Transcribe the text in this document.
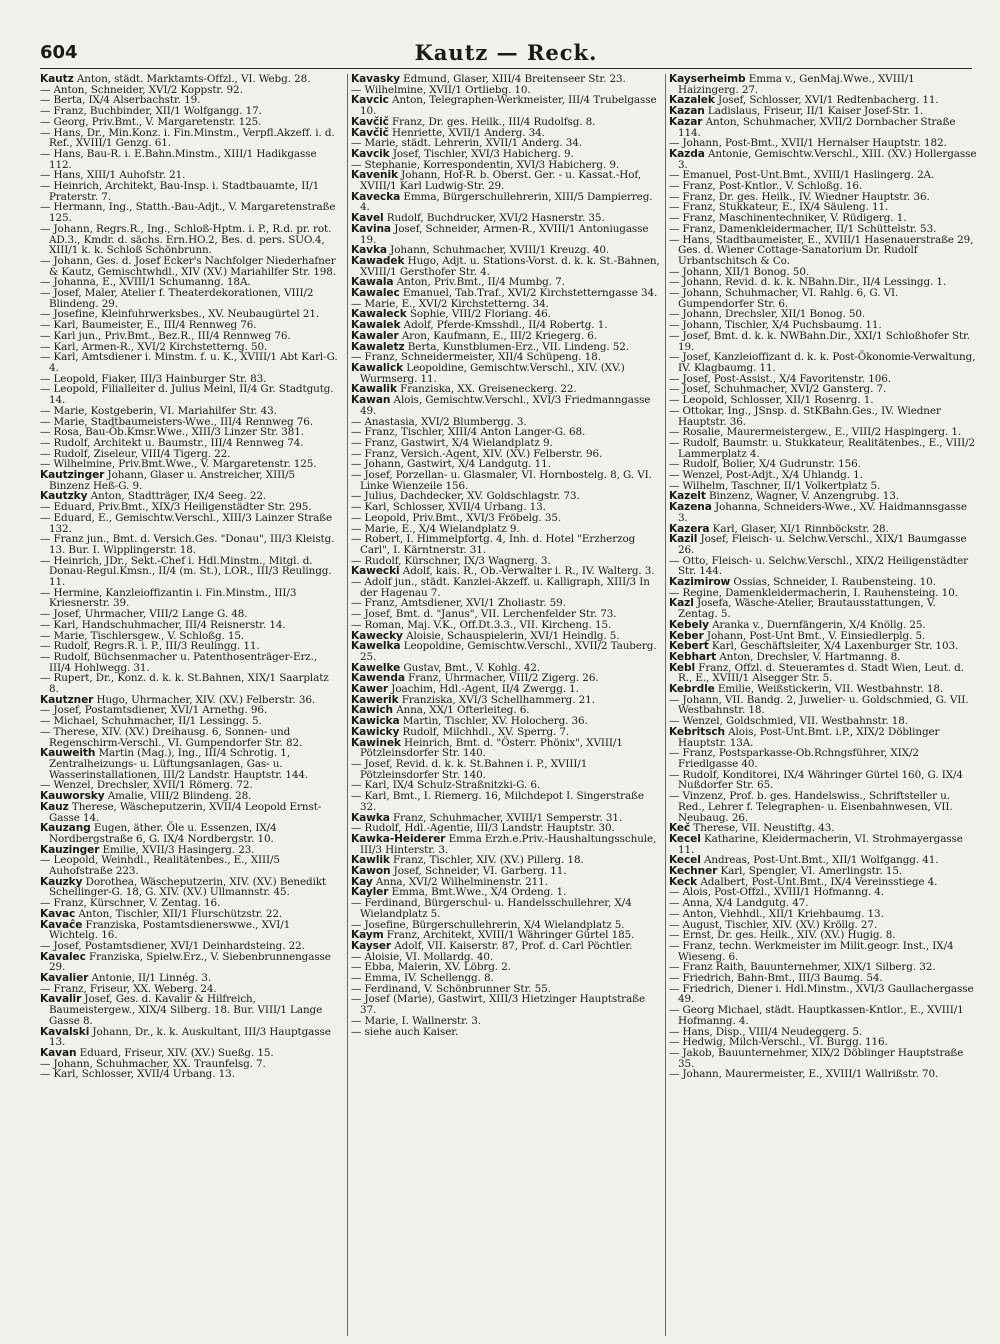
604	Kautz — Reck.

Kautz Anton, städt. Marktamts-Offzl., VI. Webg. 28.

— Anton, Schneider, XVI/2 Koppstr. 92.

— Berta, IX/4 Alserbachstr. 19.

— Franz, Buchbinder, XII/1 Wolfgangg. 17.

— Georg, Priv.Bmt., V. Margaretenstr. 125.

— Hans, Dr., Min.Konz. i. Fin.Minstm., Verpfl.Akzeff. i. d. Ref., XVIII/1 Genzg. 61.

— Hans, Bau-R. i. E.Bahn.Minstm., XIII/1 Hadikgasse 112.

— Hans, XIII/1 Auhofstr. 21.

— Heinrich, Architekt, Bau-Insp. i. Stadtbauamte, II/1 Praterstr. 7.

— Hermann, Ing., Statth.-Bau-Adjt., V. Margaretenstraße 125.

— Johann, Regrs.R., Ing., Schloß-Hptm. i. P., R.d. pr. rot. AD.3., Kmdr. d. sächs. Ern.HO.2, Bes. d. pers. SUO.4, XIII/1 k. k. Schloß Schönbrunn.

— Johann, Ges. d. Josef Ecker's Nachfolger Niederhafner & Kautz, Gemischtwhdl., XIV (XV.) Mariahilfer Str. 198.

— Johanna, E., XVIII/1 Schumanng. 18A.

— Josef, Maler, Atelier f. Theaterdekorationen, VIII/2 Blindeng. 29.

— Josefine, Kleinfuhrwerksbes., XV. Neubaugürtel 21.

— Karl, Baumeister, E., III/4 Rennweg 76.

— Karl jun., Priv.Bmt., Bez.R., III/4 Rennweg 76.

— Karl, Armen-R., XVI/2 Kirchstetterng. 50.

— Karl, Amtsdiener i. Minstm. f. u. K., XVIII/1 Abt Karl-G. 4.

— Leopold, Fiaker, III/3 Hainburger Str. 83.

— Leopold, Filialleiter d. Julius Meinl, II/4 Gr. Stadtgutg. 14.

— Marie, Kostgeberin, VI. Mariahilfer Str. 43.

— Marie, Stadtbaumeisters-Wwe., III/4 Rennweg 76.

— Rosa, Bau-Öb.Kmsr.Wwe., XIII/3 Linzer Str. 381.

— Rudolf, Architekt u. Baumstr., III/4 Rennweg 74.

— Rudolf, Ziseleur, VIII/4 Tigerg. 22.

— Wilhelmine, Priv.Bmt.Wwe., V. Margaretenstr. 125.

Kautzinger Johann, Glaser u. Anstreicher, XIII/5 Binzenz Heß-G. 9.

Kautzky Anton, Stadtträger, IX/4 Seeg. 22.

— Eduard, Priv.Bmt., XIX/3 Heiligenstädter Str. 295.

— Eduard, E., Gemischtw.Verschl., XIII/3 Lainzer Straße 132.

— Franz jun., Bmt. d. Versich.Ges. "Donau", III/3 Kleistg. 13. Bur. I. Wipplingerstr. 18.

— Heinrich, JDr., Sekt.-Chef i. Hdl.Minstm., Mitgl. d. Donau-Regul.Kmsn., II/4 (m. St.), LOR., III/3 Reulingg. 11.

— Hermine, Kanzleioffizantin i. Fin.Minstm., III/3 Kriesnerstr. 39.

— Josef, Uhrmacher, VIII/2 Lange G. 48.

— Karl, Handschuhmacher, III/4 Reisnerstr. 14.

— Marie, Tischlersgew., V. Schloßg. 15.

— Rudolf, Regrs.R. i. P., III/3 Reulingg. 11.

— Rudolf, Büchsenmacher u. Patenthosenträger-Erz., III/4 Hohlwegg. 31.

— Rupert, Dr., Konz. d. k. k. St.Bahnen, XIX/1 Saarplatz 8.

Kautzner Hugo, Uhrmacher, XIV. (XV.) Felberstr. 36.

— Josef, Postamtsdiener, XVI/1 Arnethg. 96.

— Michael, Schuhmacher, II/1 Lessingg. 5.

— Therese, XIV. (XV.) Dreihausg. 6, Sonnen- und Regenschirm-Verschl., VI. Gumpendorfer Str. 82.

Kauweith Martin (Mag.), Ing., III/4 Schrotig. 1, Zentralheizungs- u. Lüftungsanlagen, Gas- u. Wasserinstallationen, III/2 Landstr. Hauptstr. 144.

— Wenzel, Drechsler, XVII/1 Römerg. 72.

Kauworsky Amalie, VIII/2 Blindeng. 28.

Kauz Therese, Wäscheputzerin, XVII/4 Leopold Ernst-Gasse 14.

Kauzang Eugen, äther. Öle u. Essenzen, IX/4 Nordbergstraße 6, G. IX/4 Nordbergstr. 10.

Kauzinger Emilie, XVII/3 Hasingerg. 23.

— Leopold, Weinhdl., Realitätenbes., E., XIII/5 Auhofstraße 223.

Kauzky Dorothea, Wäscheputzerin, XIV. (XV.) Benedikt Schellinger-G. 18, G. XIV. (XV.) Ullmannstr. 45.

— Franz, Kürschner, V. Zentag. 16.

Kavac Anton, Tischler, XII/1 Flurschützstr. 22.

Kavaĉe Franziska, Postamtsdienerswwe., XVI/1 Wichtelg. 16.

— Josef, Postamtsdiener, XVI/1 Deinhardsteing. 22.

Kavalec Franziska, Spielw.Erz., V. Siebenbrunnengasse 29.

Kavalier Antonie, II/1 Linnég. 3.

— Franz, Friseur, XX. Weberg. 24.

Kavalir Josef, Ges. d. Kavalir & Hilfreich, Baumeistergew., XIX/4 Silberg. 18. Bur. VIII/1 Lange Gasse 8.

Kavalski Johann, Dr., k. k. Auskultant, III/3 Hauptgasse 13.

Kavan Eduard, Friseur, XIV. (XV.) Sueßg. 15.

— Johann, Schuhmacher, XX. Traunfelsg. 7.

— Karl, Schlosser, XVII/4 Urbang. 13.

Kavasky Edmund, Glaser, XIII/4 Breitenseer Str. 23.

— Wilhelmine, XVII/1 Ortliebg. 10.

Kavcic Anton, Telegraphen-Werkmeister, III/4 Trubelgasse 10.

Kavčič Franz, Dr. ges. Heilk., III/4 Rudolfsg. 8.

Kavčič Henriette, XVII/1 Anderg. 34.

— Marie, städt. Lehrerin, XVII/1 Anderg. 34.

Kavcik Josef, Tischler, XVI/3 Habicherg. 9.

— Stephanie, Korrespondentin, XVI/3 Habicherg. 9.

Kavenik Johann, Hof-R. b. Oberst. Ger. - u. Kassat.-Hof, XVIII/1 Karl Ludwig-Str. 29.

Kavecka Emma, Bürgerschullehrerin, XIII/5 Dampierreg. 4.

Kavel Rudolf, Buchdrucker, XVI/2 Hasnerstr. 35.

Kavina Josef, Schneider, Armen-R., XVIII/1 Antoniugasse 19.

Kavka Johann, Schuhmacher, XVIII/1 Kreuzg. 40.

Kawadek Hugo, Adjt. u. Stations-Vorst. d. k. k. St.-Bahnen, XVIII/1 Gersthofer Str. 4.

Kawala Anton, Priv.Bmt., II/4 Mumbg. 7.

Kawalec Emanuel, Tab.Traf., XVI/2 Kirchstetterngasse 34.

— Marie, E., XVI/2 Kirchstetterng. 34.

Kawaleck Sophie, VIII/2 Floriang. 46.

Kawalek Adolf, Pferde-Kmsshdl., II/4 Robertg. 1.

Kawaler Aron, Kaufmann, E., III/2 Kriegerg. 6.

Kawaletz Berta, Kunstblumen-Erz., VII. Lindeng. 52.

— Franz, Schneidermeister, XII/4 Schüpeng. 18.

Kawalick Leopoldine, Gemischtw.Verschl., XIV. (XV.) Wurmserg. 11.

Kawalik Franziska, XX. Greiseneckerg. 22.

Kawan Alois, Gemischtw.Verschl., XVI/3 Friedmanngasse 49.

— Anastasia, XVI/2 Blumbergg. 3.

— Franz, Tischler, XIII/4 Anton Langer-G. 68.

— Franz, Gastwirt, X/4 Wielandplatz 9.

— Franz, Versich.-Agent, XIV. (XV.) Felberstr. 96.

— Johann, Gastwirt, X/4 Landgutg. 11.

— Josef, Porzellan- u. Glasmaler, VI. Hornbostelg. 8, G. VI. Linke Wienzeile 156.

— Julius, Dachdecker, XV. Goldschlagstr. 73.

— Karl, Schlosser, XVII/4 Urbang. 13.

— Leopold, Priv.Bmt., XVI/3 Fröbelg. 35.

— Marie, E., X/4 Wielandplatz 9.

— Robert, I. Himmelpfortg. 4, Inh. d. Hotel "Erzherzog Carl", I. Kärntnerstr. 31.

— Rudolf, Kürschner, IX/3 Wagnerg. 3.

Kawecki Adolf, kais. R., Ob.-Verwalter i. R., IV. Walterg. 3.

— Adolf jun., städt. Kanzlei-Akzeff. u. Kalligraph, XIII/3 In der Hagenau 7.

— Franz, Amtsdiener, XVI/1 Zholiastr. 59.

— Josef, Bmt. d. "Janus", VII. Lerchenfelder Str. 73.

— Roman, Maj. V.K., Off.Dt.3.3., VII. Kircheng. 15.

Kawecky Aloisie, Schauspielerin, XVI/1 Heindlg. 5.

Kawelka Leopoldine, Gemischtw.Verschl., XVII/2 Tauberg. 25.

Kawelke Gustav, Bmt., V. Kohlg. 42.

Kawenda Franz, Uhrmacher, VIII/2 Zigerg. 26.

Kawer Joachim, Hdl.-Agent, II/4 Zwergg. 1.

Kawerik Franziska, XVI/3 Schellhammerg. 21.

Kawich Anna, XX/1 Ofterleiteg. 6.

Kawicka Martin, Tischler, XV. Holocherg. 36.

Kawicky Rudolf, Milchhdl., XV. Sperrg. 7.

Kawinek Heinrich, Bmt. d. "Österr. Phönix", XVIII/1 Pötzleinsdorfer Str. 140.

— Josef, Revid. d. k. k. St.Bahnen i. P., XVIII/1 Pötzleinsdorfer Str. 140.

— Karl, IX/4 Schulz-Straßnitzki-G. 6.

— Karl, Bmt., I. Riemerg. 16, Milchdepot I. Singerstraße 32.

Kawka Franz, Schuhmacher, XVIII/1 Semperstr. 31.

— Rudolf, Hdl.-Agentie, III/3 Landstr. Hauptstr. 30.

Kawka-Heiderer Emma Erzh.e.Priv.-Haushaltungsschule, III/3 Hinterstr. 3.

Kawlik Franz, Tischler, XIV. (XV.) Pillerg. 18.

Kawon Josef, Schneider, VI. Garberg. 11.

Kay Anna, XVI/2 Wilhelminenstr. 211.

Kayler Emma, Bmt.Wwe., X/4 Ordeng. 1.

— Ferdinand, Bürgerschul- u. Handelsschullehrer, X/4 Wielandplatz 5.

— Josefine, Bürgerschullehrerin, X/4 Wielandplatz 5.

Kaym Franz, Architekt, XVIII/1 Währinger Gürtel 185.

Kayser Adolf, VII. Kaiserstr. 87, Prof. d. Carl Pöchtler.

— Aloisie, VI. Mollardg. 40.

— Ebba, Malerin, XV. Löbrg. 2.

— Emma, IV. Schellengg. 8.

— Ferdinand, V. Schönbrunner Str. 55.

— Josef (Marie), Gastwirt, XIII/3 Hietzinger Hauptstraße 37.

— Marie, I. Wallnerstr. 3.

— siehe auch Kaiser.

Kayserheimb Emma v., GenMaj.Wwe., XVIII/1 Haizingerg. 27.

Kazalek Josef, Schlosser, XVI/1 Redtenbacherg. 11.

Kazan Ladislaus, Friseur, II/1 Kaiser Josef-Str. 1.

Kazar Anton, Schuhmacher, XVII/2 Dornbacher Straße 114.

— Johann, Post-Bmt., XVII/1 Hernalser Hauptstr. 182.

Kazda Antonie, Gemischtw.Verschl., XIII. (XV.) Hollergasse 3.

— Emanuel, Post-Unt.Bmt., XVIII/1 Haslingerg. 2A.

— Franz, Post-Kntlor., V. Schloßg. 16.

— Franz, Dr. ges. Heilk., IV. Wiedner Hauptstr. 36.

— Franz, Stukkateur, E., IX/4 Säuleng. 11.

— Franz, Maschinentechniker, V. Rüdigerg. 1.

— Franz, Damenkleidermacher, II/1 Schüttelstr. 53.

— Hans, Stadtbaumeister, E., XVIII/1 Hasenauerstraße 29, Ges. d. Wiener Cottage-Sanatorium Dr. Rudolf Urbantschitsch & Co.

— Johann, XII/1 Bonog. 50.

— Johann, Revid. d. k. k. NBahn.Dir., II/4 Lessingg. 1.

— Johann, Schuhmacher, VI. Rahlg. 6, G. VI. Gumpendorfer Str. 6.

— Johann, Drechsler, XII/1 Bonog. 50.

— Johann, Tischler, X/4 Puchsbaumg. 11.

— Josef, Bmt. d. k. k. NWBahn.Dir., XXI/1 Schloßhofer Str. 19.

— Josef, Kanzleioffizant d. k. k. Post-Ökonomie-Verwaltung, IV. Klagbaumg. 11.

— Josef, Post-Assist., X/4 Favoritenstr. 106.

— Josef, Schuhmacher, XVI/2 Gansterg. 7.

— Leopold, Schlosser, XII/1 Rosenrg. 1.

— Ottokar, Ing., JSnsp. d. StKBahn.Ges., IV. Wiedner Hauptstr. 36.

— Rosalie, Maurermeistergew., E., VIII/2 Haspingerg. 1.

— Rudolf, Baumstr. u. Stukkateur, Realitätenbes., E., VIII/2 Lammerplatz 4.

— Rudolf, Bolier, X/4 Gudrunstr. 156.

— Wenzel, Post-Adjt., X/4 Uhlandg. 1.

— Wilhelm, Taschner, II/1 Volkertplatz 5.

Kazelt Binzenz, Wagner, V. Anzengrubg. 13.

Kazena Johanna, Schneiders-Wwe., XV. Haidmannsgasse 3.

Kazera Karl, Glaser, XI/1 Rinnböckstr. 28.

Kazil Josef, Fleisch- u. Selchw.Verschl., XIX/1 Baumgasse 26.

— Otto, Fleisch- u. Selchw.Verschl., XIX/2 Heiligenstädter Str. 144.

Kazimirow Ossias, Schneider, I. Raubensteing. 10.

— Regine, Damenkleidermacherin, I. Rauhensteing. 10.

Kazl Josefa, Wäsche-Atelier, Brautausstattungen, V. Zentag. 5.

Kebely Aranka v., Duernfängerin, X/4 Knöllg. 25.

Keber Johann, Post-Unt Bmt., V. Einsiedlerplg. 5.

Kebert Karl, Geschäftsleiter, X/4 Laxenburger Str. 103.

Kebhart Anton, Drechsler, V. Hartmanng. 8.

Kebl Franz, Offzl. d. Steueramtes d. Stadt Wien, Leut. d. R., E., XVIII/1 Alsegger Str. 5.

Kebrdle Emilie, Weißstickerin, VII. Westbahnstr. 18.

— Johann, VII. Bandg. 2, Juwelier- u. Goldschmied, G. VII. Westbahnstr. 18.

— Wenzel, Goldschmied, VII. Westbahnstr. 18.

Kebritsch Alois, Post-Unt.Bmt. i.P., XIX/2 Döblinger Hauptstr. 13A.

— Franz, Postsparkasse-Ob.Rchngsführer, XIX/2 Friedlgasse 40.

— Rudolf, Konditorei, IX/4 Währinger Gürtel 160, G. IX/4 Nußdorfer Str. 65.

— Vinzenz, Prof. b. ges. Handelswiss., Schriftsteller u. Red., Lehrer f. Telegraphen- u. Eisenbahnwesen, VII. Neubaug. 26.

Keč Therese, VII. Neustiftg. 43.

Kecel Katharine, Kleidermacherin, VI. Strohmayergasse 11.

Kecel Andreas, Post-Unt.Bmt., XII/1 Wolfgangg. 41.

Kechner Karl, Spengler, VI. Amerlingstr. 15.

Keck Adalbert, Post-Unt.Bmt., IX/4 Vereinsstiege 4.

— Alois, Post-Offzl., XVIII/1 Hofmanng. 4.

— Anna, X/4 Landgutg. 47.

— Anton, Viehhdl., XII/1 Kriehbaumg. 13.

— August, Tischler, XIV. (XV.) Kröllg. 27.

— Ernst, Dr. ges. Heilk., XIV. (XV.) Hugig. 8.

— Franz, techn. Werkmeister im Milit.geogr. Inst., IX/4 Wieseng. 6.

— Franz Raith, Bauunternehmer, XIX/1 Silberg. 32.

— Friedrich, Bahn-Bmt., III/3 Baumg. 54.

— Friedrich, Diener i. Hdl.Minstm., XVI/3 Gaullachergasse 49.

— Georg Michael, städt. Hauptkassen-Kntlor., E., XVIII/1 Hofmanng. 4.

— Hans, Disp., VIII/4 Neudeggerg. 5.

— Hedwig, Milch-Verschl., VI. Burgg. 116.

— Jakob, Bauunternehmer, XIX/2 Döblinger Hauptstraße 35.

— Johann, Maurermeister, E., XVIII/1 Wallrißstr. 70.
